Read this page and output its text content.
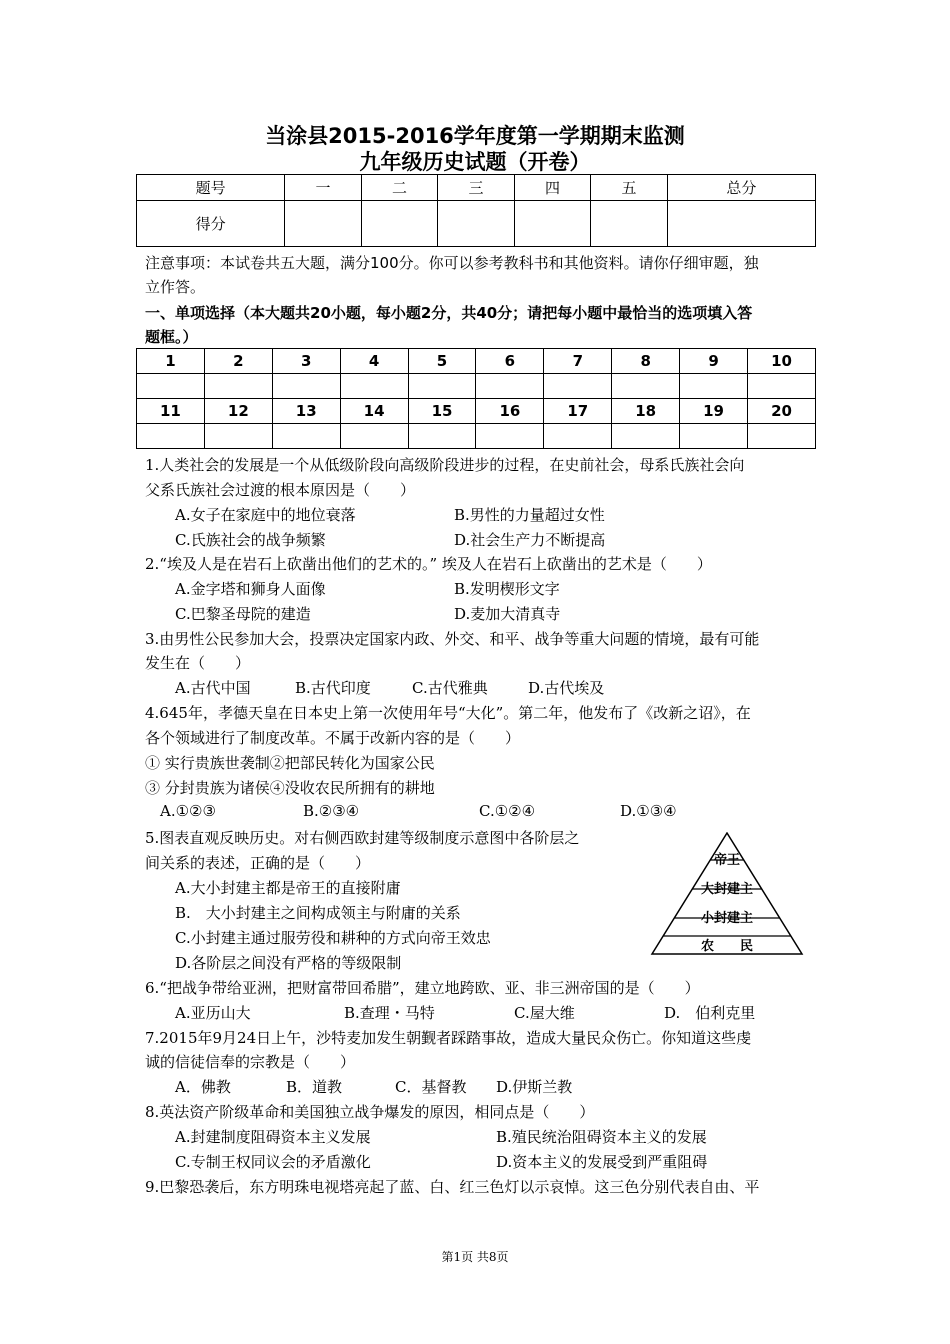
当涂县2015-2016学年度第一学期期末监测
九年级历史试题（开卷）
题号	一	二	三	四	五	总分
得分						
注意事项：本试卷共五大题，满分100分。你可以参考教科书和其他资料。请你仔细审题，独
立作答。
一、单项选择（本大题共20小题，每小题2分，共40分；请把每小题中最恰当的选项填入答
题框。）
1	2	3	4	5	6	7	8	9	10

11	12	13	14	15	16	17	18	19	20

1.人类社会的发展是一个从低级阶段向高级阶段进步的过程，在史前社会，母系氏族社会向
父系氏族社会过渡的根本原因是（　　）
A.女子在家庭中的地位衰落	B.男性的力量超过女性
C.氏族社会的战争频繁	D.社会生产力不断提高
2.“埃及人是在岩石上砍凿出他们的艺术的。” 埃及人在岩石上砍凿出的艺术是（　　）
A.金字塔和狮身人面像	B.发明楔形文字
C.巴黎圣母院的建造	D.麦加大清真寺
3.由男性公民参加大会，投票决定国家内政、外交、和平、战争等重大问题的情境，最有可能
发生在（　　）
A.古代中国	B.古代印度	C.古代雅典	D.古代埃及
4.645年，孝德天皇在日本史上第一次使用年号“大化”。第二年，他发布了《改新之诏》，在
各个领域进行了制度改革。不属于改新内容的是（　　）
① 实行贵族世袭制②把部民转化为国家公民
③ 分封贵族为诸侯④没收农民所拥有的耕地
A.①②③	B.②③④	C.①②④	D.①③④
5.图表直观反映历史。对右侧西欧封建等级制度示意图中各阶层之
间关系的表述，正确的是（　　）
A.大小封建主都是帝王的直接附庸
B.　大小封建主之间构成领主与附庸的关系
C.小封建主通过服劳役和耕种的方式向帝王效忠
D.各阶层之间没有严格的等级限制
帝王
大封建主
小封建主
农　　民
6.“把战争带给亚洲，把财富带回希腊”，建立地跨欧、亚、非三洲帝国的是（　　）
A.亚历山大	B.查理・马特	C.屋大维	D.　伯利克里
7.2015年9月24日上午，沙特麦加发生朝觐者踩踏事故，造成大量民众伤亡。你知道这些虔
诚的信徒信奉的宗教是（　　）
A．佛教	B．道教	C．基督教 D.伊斯兰教
8.英法资产阶级革命和美国独立战争爆发的原因，相同点是（　　）
A.封建制度阻碍资本主义发展	B.殖民统治阻碍资本主义的发展
C.专制王权同议会的矛盾激化	D.资本主义的发展受到严重阻碍
9.巴黎恐袭后，东方明珠电视塔亮起了蓝、白、红三色灯以示哀悼。这三色分别代表自由、平
第1页 共8页
